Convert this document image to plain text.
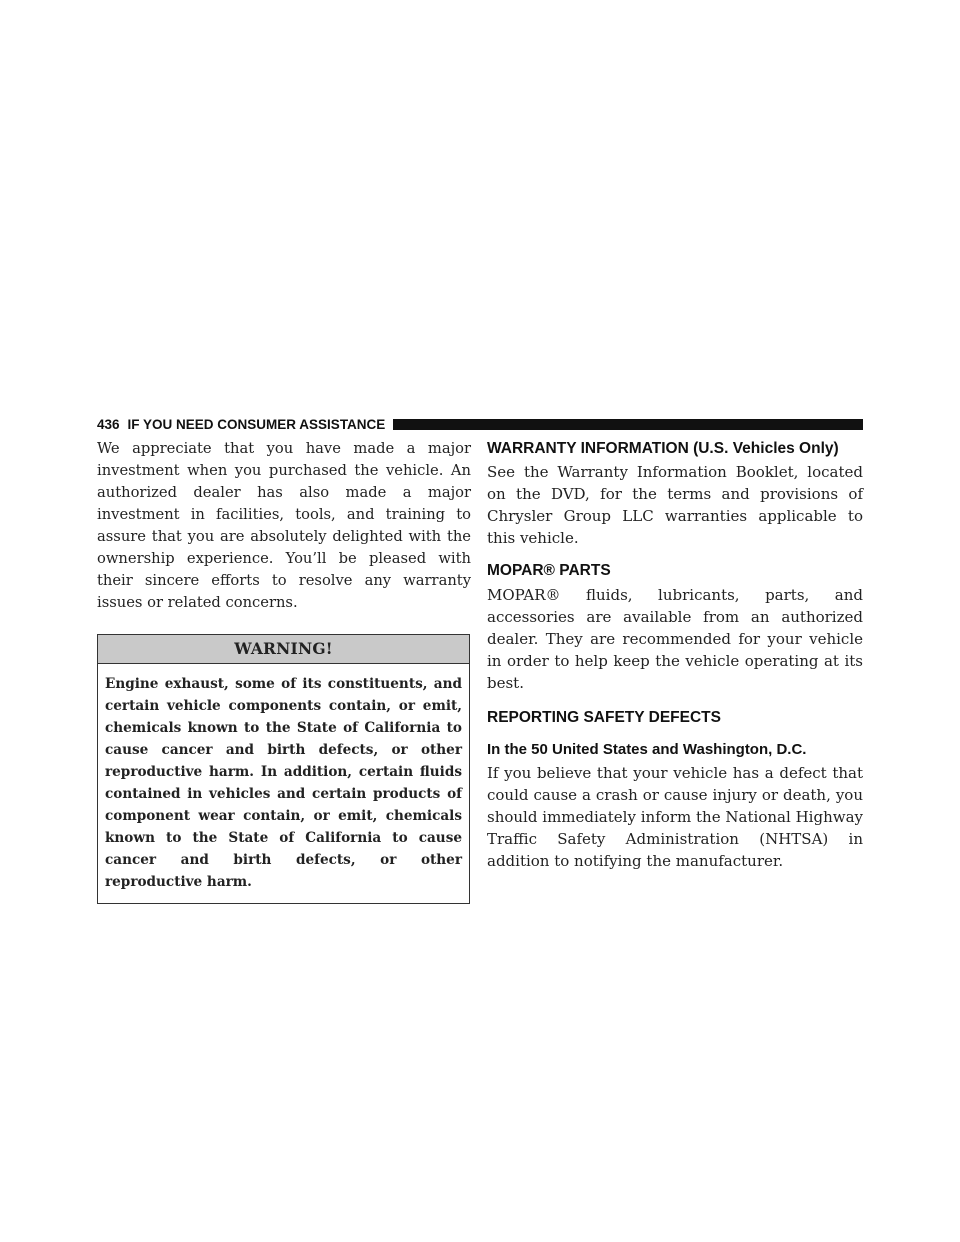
436 IF YOU NEED CONSUMER ASSISTANCE

We appreciate that you have made a major investment when you purchased the vehicle. An authorized dealer has also made a major investment in facilities, tools, and training to assure that you are absolutely delighted with the ownership experience. You’ll be pleased with their sincere efforts to resolve any warranty issues or related concerns.

WARNING!
Engine exhaust, some of its constituents, and certain vehicle components contain, or emit, chemicals known to the State of California to cause cancer and birth defects, or other reproductive harm. In addition, certain fluids contained in vehicles and certain products of component wear contain, or emit, chemicals known to the State of California to cause cancer and birth defects, or other reproductive harm.
WARRANTY INFORMATION (U.S. Vehicles Only)

See the Warranty Information Booklet, located on the DVD, for the terms and provisions of Chrysler Group LLC warranties applicable to this vehicle.

MOPAR® PARTS

MOPAR® fluids, lubricants, parts, and accessories are available from an authorized dealer. They are recommended for your vehicle in order to help keep the vehicle operating at its best.

REPORTING SAFETY DEFECTS
In the 50 United States and Washington, D.C.

If you believe that your vehicle has a defect that could cause a crash or cause injury or death, you should immediately inform the National Highway Traffic Safety Administration (NHTSA) in addition to notifying the manufacturer.
